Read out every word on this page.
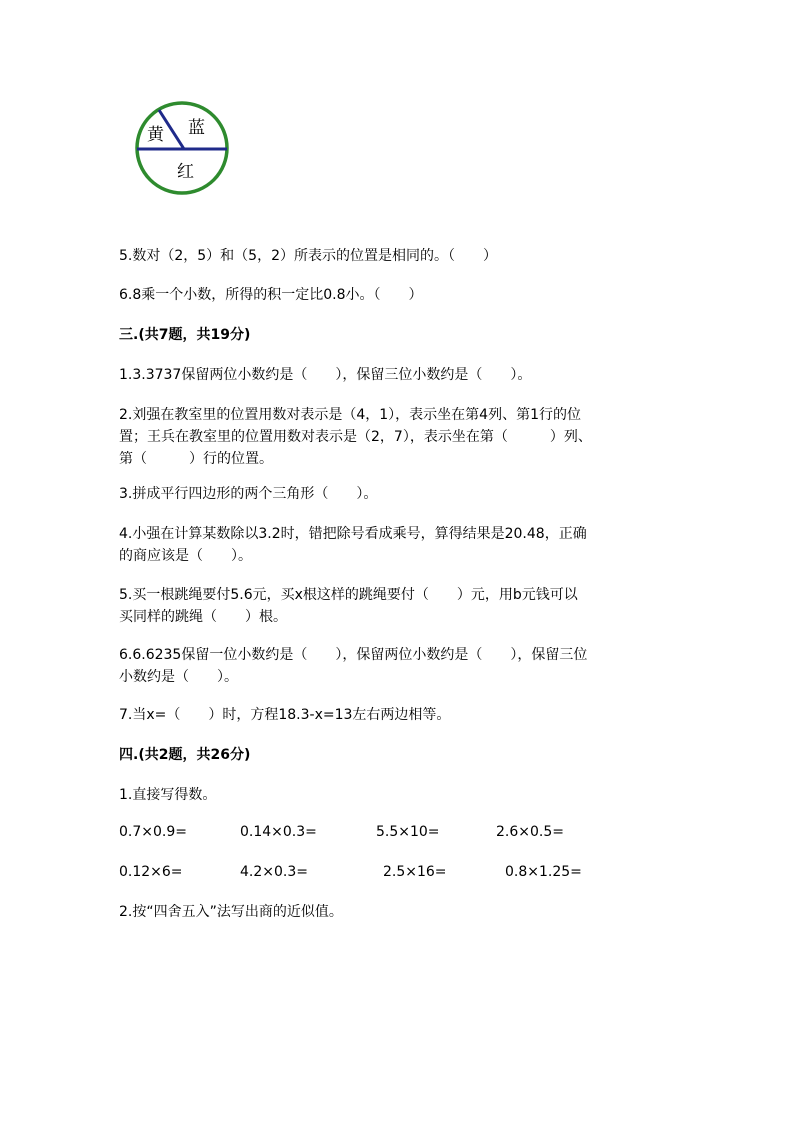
黄 蓝
红
5.数对（2，5）和（5，2）所表示的位置是相同的。（　　）
6.8乘一个小数，所得的积一定比0.8小。（　　）
三.(共7题，共19分)
1.3.3737保留两位小数约是（　　），保留三位小数约是（　　）。
2.刘强在教室里的位置用数对表示是（4，1），表示坐在第4列、第1行的位
置；王兵在教室里的位置用数对表示是（2，7），表示坐在第（　　　）列、
第（　　　）行的位置。
3.拼成平行四边形的两个三角形（　　）。
4.小强在计算某数除以3.2时，错把除号看成乘号，算得结果是20.48，正确
的商应该是（　　）。
5.买一根跳绳要付5.6元，买x根这样的跳绳要付（　　）元，用b元钱可以
买同样的跳绳（　　）根。
6.6.6235保留一位小数约是（　　），保留两位小数约是（　　），保留三位
小数约是（　　）。
7.当x=（　　）时，方程18.3-x=13左右两边相等。
四.(共2题，共26分)
1.直接写得数。
0.7×0.9=	0.14×0.3=	5.5×10=	2.6×0.5=
0.12×6=	4.2×0.3=	2.5×16=	0.8×1.25=
2.按“四舍五入”法写出商的近似值。
